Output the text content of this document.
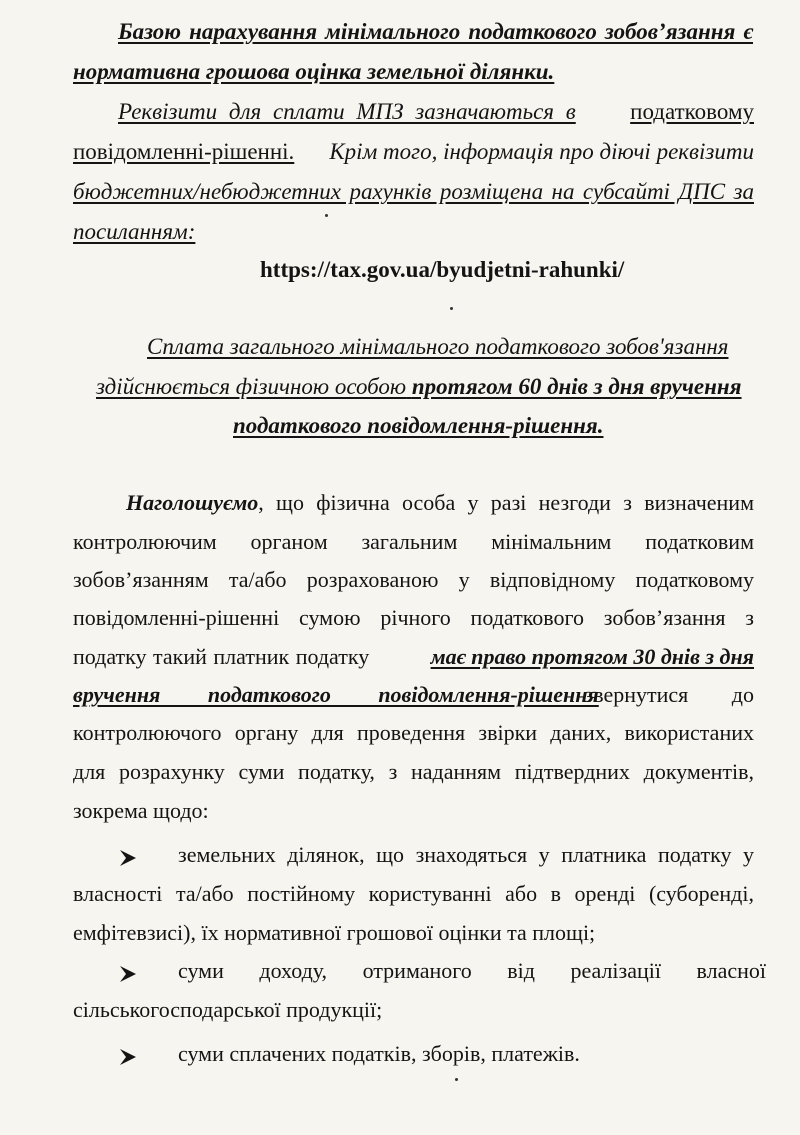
Базою нарахування мінімального податкового зобов’язання є
нормативна грошова оцінка земельної ділянки.
Реквізити для сплати МПЗ зазначаються в податковому
повідомленні-рішенні. Крім того, інформація про діючі реквізити
бюджетних/небюджетних рахунків розміщена на субсайті ДПС за
посиланням:
https://tax.gov.ua/byudjetni-rahunki/
Сплата загального мінімального податкового зобов'язання
здійснюється фізичною особою протягом 60 днів з дня вручення
податкового повідомлення-рішення.
Наголошуємо, що фізична особа у разі незгоди з визначеним
контролюючим органом загальним мінімальним податковим
зобов’язанням та/або розрахованою у відповідному податковому
повідомленні-рішенні сумою річного податкового зобов’язання з
податку такий платник податку	має право протягом 30 днів з дня
вручення податкового повідомлення-рішення
звернутися до
контролюючого органу для проведення звірки даних, використаних
для розрахунку суми податку, з наданням підтвердних документів,
зокрема щодо:
земельних ділянок, що знаходяться у платника податку у
власності та/або постійному користуванні або в оренді (суборенді,
емфітевзисі), їх нормативної грошової оцінки та площі;
суми доходу, отриманого від реалізації власної
сільськогосподарської продукції;
суми сплачених податків, зборів, платежів.
